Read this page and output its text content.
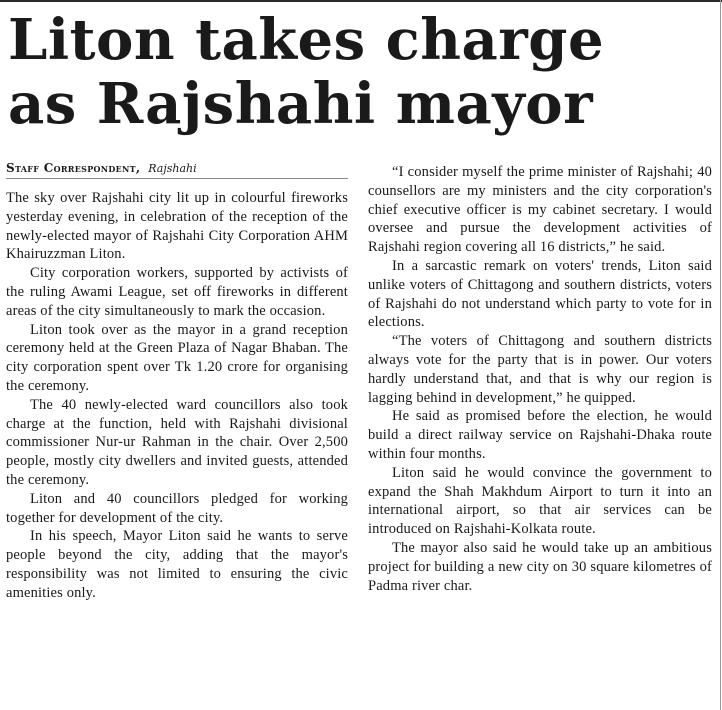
Liton takes charge
as Rajshahi mayor
Staff Correspondent, Rajshahi

The sky over Rajshahi city lit up in colourful fireworks yesterday evening, in celebration of the reception of the newly-elected mayor of Rajshahi City Corporation AHM Khairuzzman Liton.

City corporation workers, supported by activists of the ruling Awami League, set off fireworks in different areas of the city simultaneously to mark the occasion.

Liton took over as the mayor in a grand reception ceremony held at the Green Plaza of Nagar Bhaban. The city corporation spent over Tk 1.20 crore for organising the ceremony.

The 40 newly-elected ward councillors also took charge at the function, held with Rajshahi divisional commissioner Nur-ur Rahman in the chair. Over 2,500 people, mostly city dwellers and invited guests, attended the ceremony.

Liton and 40 councillors pledged for working together for development of the city.

In his speech, Mayor Liton said he wants to serve people beyond the city, adding that the mayor's responsibility was not limited to ensuring the civic amenities only.

“I consider myself the prime minister of Rajshahi; 40 counsellors are my ministers and the city corporation's chief executive officer is my cabinet secretary. I would oversee and pursue the development activities of Rajshahi region covering all 16 districts,” he said.

In a sarcastic remark on voters' trends, Liton said unlike voters of Chittagong and southern districts, voters of Rajshahi do not understand which party to vote for in elections.

“The voters of Chittagong and southern districts always vote for the party that is in power. Our voters hardly understand that, and that is why our region is lagging behind in development,” he quipped.

He said as promised before the election, he would build a direct railway service on Rajshahi-Dhaka route within four months.

Liton said he would convince the government to expand the Shah Makhdum Airport to turn it into an international airport, so that air services can be introduced on Rajshahi-Kolkata route.

The mayor also said he would take up an ambitious project for building a new city on 30 square kilometres of Padma river char.
